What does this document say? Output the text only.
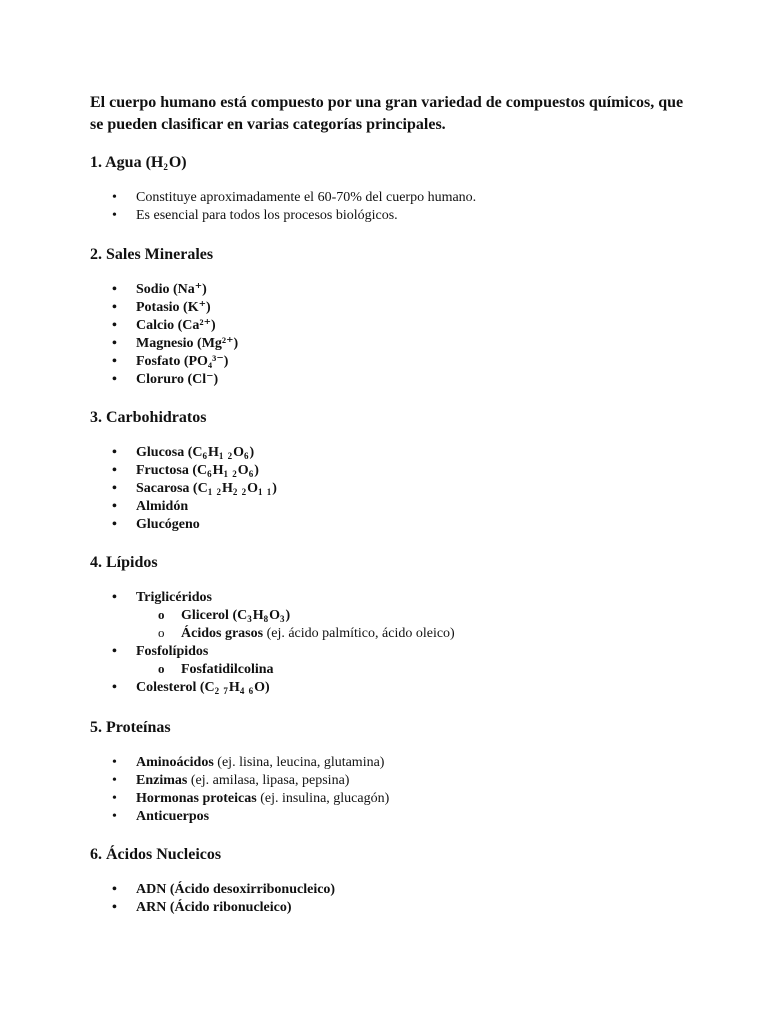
El cuerpo humano está compuesto por una gran variedad de compuestos químicos, que se pueden clasificar en varias categorías principales.

1. Agua $(H_2O)$
• Constituye aproximadamente el 60-70% del cuerpo humano.
• Es esencial para todos los procesos biológicos.
2. Sales Minerales
• Sodio (Na⁺)
• Potasio (K⁺)
• Calcio (Ca²⁺)
• Magnesio (Mg²⁺)
• Fosfato (PO₄³⁻)
• Cloruro (Cl⁻)
3. Carbohidratos
• Glucosa $(C_6H_{1 2}O_6)$
• Fructosa $(C_6H_{1 2}O_6)$
• Sacarosa $(C_{1 2}H_{2 2}O_{1 1})$
• Almidón
• Glucógeno
4. Lípidos
• Triglicéridos
o Glicerol $(C_3H_8O_3)$
o Ácidos grasos (ej. ácido palmítico, ácido oleico)
• Fosfolípidos
o Fosfatidilcolina
• Colesterol $(C_{2 7}H_{4 6}O)$
5. Proteínas
• Aminoácidos (ej. lisina, leucina, glutamina)
• Enzimas (ej. amilasa, lipasa, pepsina)
• Hormonas proteicas (ej. insulina, glucagón)
• Anticuerpos
6. Ácidos Nucleicos
• ADN (Ácido desoxirribonucleico)
• ARN (Ácido ribonucleico)
